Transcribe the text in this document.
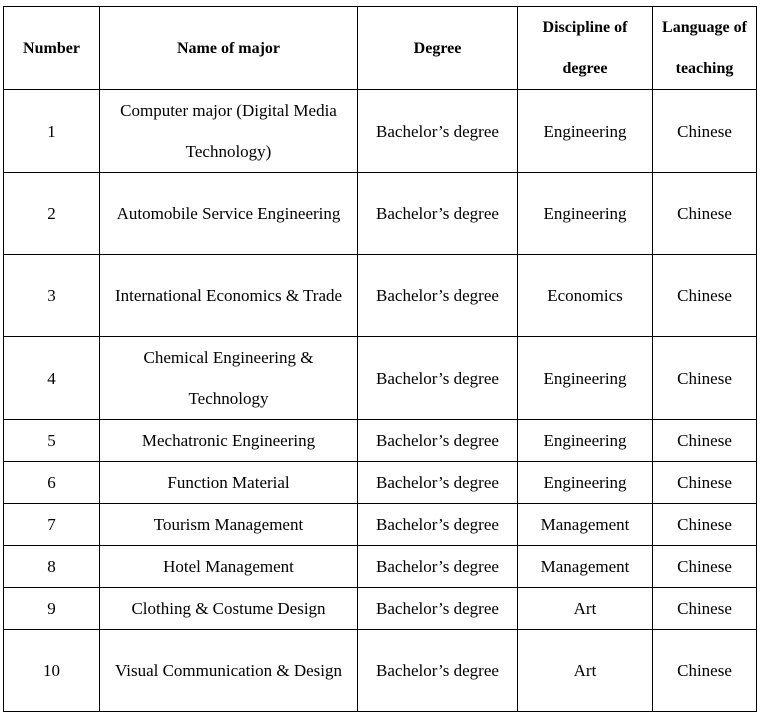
Number	Name of major	Degree	Discipline of degree	Language of teaching
1	Computer major (Digital Media Technology)	Bachelor’s degree	Engineering	Chinese
2	Automobile Service Engineering	Bachelor’s degree	Engineering	Chinese
3	International Economics & Trade	Bachelor’s degree	Economics	Chinese
4	Chemical Engineering & Technology	Bachelor’s degree	Engineering	Chinese
5	Mechatronic Engineering	Bachelor’s degree	Engineering	Chinese
6	Function Material	Bachelor’s degree	Engineering	Chinese
7	Tourism Management	Bachelor’s degree	Management	Chinese
8	Hotel Management	Bachelor’s degree	Management	Chinese
9	Clothing & Costume Design	Bachelor’s degree	Art	Chinese
10	Visual Communication & Design	Bachelor’s degree	Art	Chinese
